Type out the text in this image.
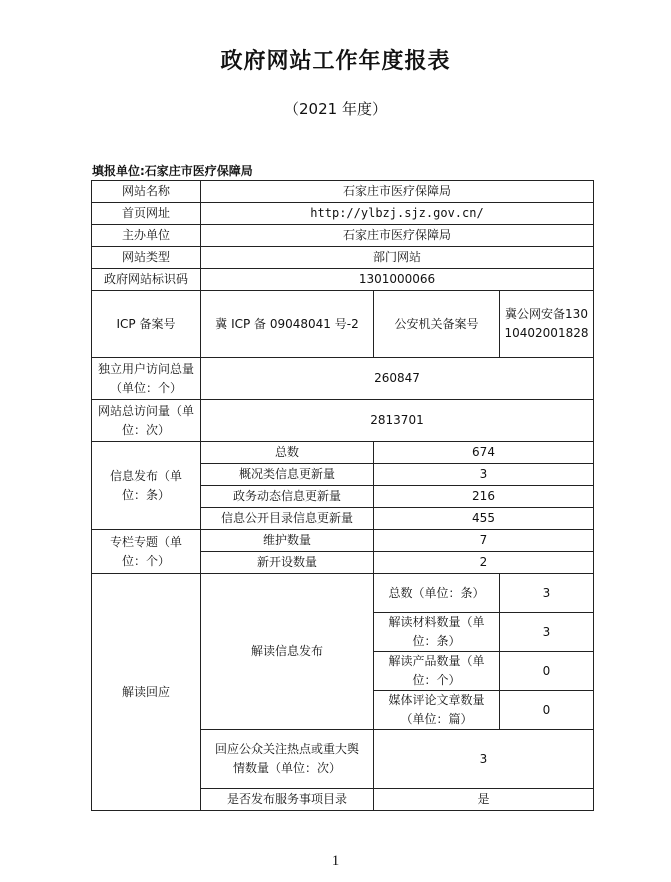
政府网站工作年度报表
（2021 年度）
填报单位:石家庄市医疗保障局
网站名称	石家庄市医疗保障局		
首页网址	http://ylbzj.sjz.gov.cn/		
主办单位	石家庄市医疗保障局		
网站类型	部门网站		
政府网站标识码	1301000066		
ICP 备案号	冀 ICP 备 09048041 号-2	公安机关备案号	冀公网安备13010402001828
独立用户访问总量（单位：个）	260847		
网站总访问量（单位：次）	2813701		
信息发布（单位：条）	总数	674	
	概况类信息更新量	3	
	政务动态信息更新量	216	
	信息公开目录信息更新量	455	
专栏专题（单位：个）	维护数量	7	
	新开设数量	2	
解读回应	解读信息发布	总数（单位：条）	3
		解读材料数量（单位：条）	3
		解读产品数量（单位：个）	0
		媒体评论文章数量（单位：篇）	0
	回应公众关注热点或重大舆情数量（单位：次）	3	
	是否发布服务事项目录	是	
1
